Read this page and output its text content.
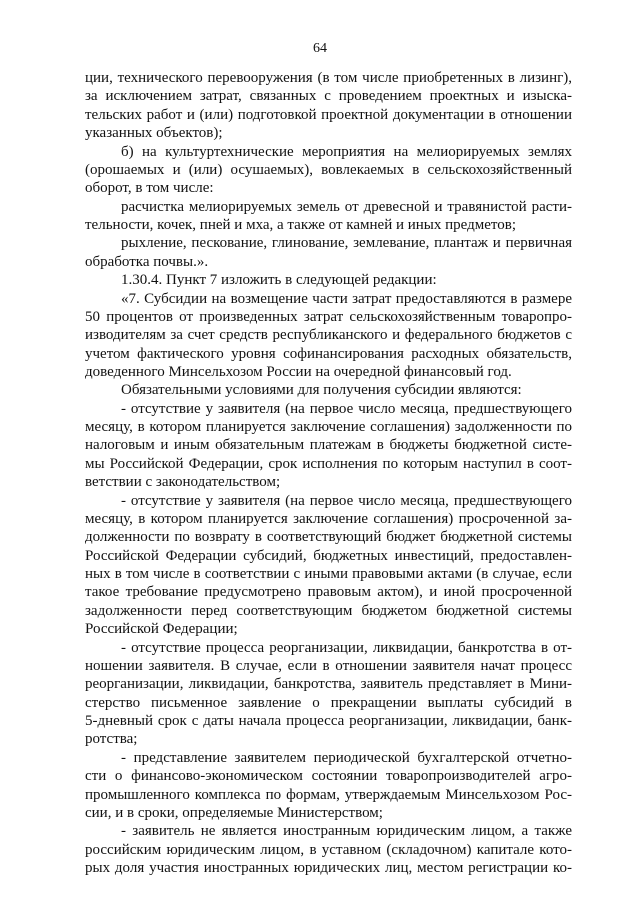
64
ции, технического перевооружения (в том числе приобретенных в лизинг),
за исключением затрат, связанных с проведением проектных и изыска-
тельских работ и (или) подготовкой проектной документации в отношении
указанных объектов);
б) на культуртехнические мероприятия на мелиорируемых землях
(орошаемых и (или) осушаемых), вовлекаемых в сельскохозяйственный
оборот, в том числе:
расчистка мелиорируемых земель от древесной и травянистой расти-
тельности, кочек, пней и мха, а также от камней и иных предметов;
рыхление, пескование, глинование, землевание, плантаж и первичная
обработка почвы.».
1.30.4. Пункт 7 изложить в следующей редакции:
«7. Субсидии на возмещение части затрат предоставляются в размере
50 процентов от произведенных затрат сельскохозяйственным товаропро-
изводителям за счет средств республиканского и федерального бюджетов с
учетом фактического уровня софинансирования расходных обязательств,
доведенного Минсельхозом России на очередной финансовый год.
Обязательными условиями для получения субсидии являются:
- отсутствие у заявителя (на первое число месяца, предшествующего
месяцу, в котором планируется заключение соглашения) задолженности по
налоговым и иным обязательным платежам в бюджеты бюджетной систе-
мы Российской Федерации, срок исполнения по которым наступил в соот-
ветствии с законодательством;
- отсутствие у заявителя (на первое число месяца, предшествующего
месяцу, в котором планируется заключение соглашения) просроченной за-
долженности по возврату в соответствующий бюджет бюджетной системы
Российской Федерации субсидий, бюджетных инвестиций, предоставлен-
ных в том числе в соответствии с иными правовыми актами (в случае, если
такое требование предусмотрено правовым актом), и иной просроченной
задолженности перед соответствующим бюджетом бюджетной системы
Российской Федерации;
- отсутствие процесса реорганизации, ликвидации, банкротства в от-
ношении заявителя. В случае, если в отношении заявителя начат процесс
реорганизации, ликвидации, банкротства, заявитель представляет в Мини-
стерство письменное заявление о прекращении выплаты субсидий в
5-дневный срок с даты начала процесса реорганизации, ликвидации, банк-
ротства;
- представление заявителем периодической бухгалтерской отчетно-
сти о финансово-экономическом состоянии товаропроизводителей агро-
промышленного комплекса по формам, утверждаемым Минсельхозом Рос-
сии, и в сроки, определяемые Министерством;
- заявитель не является иностранным юридическим лицом, а также
российским юридическим лицом, в уставном (складочном) капитале кото-
рых доля участия иностранных юридических лиц, местом регистрации ко-
